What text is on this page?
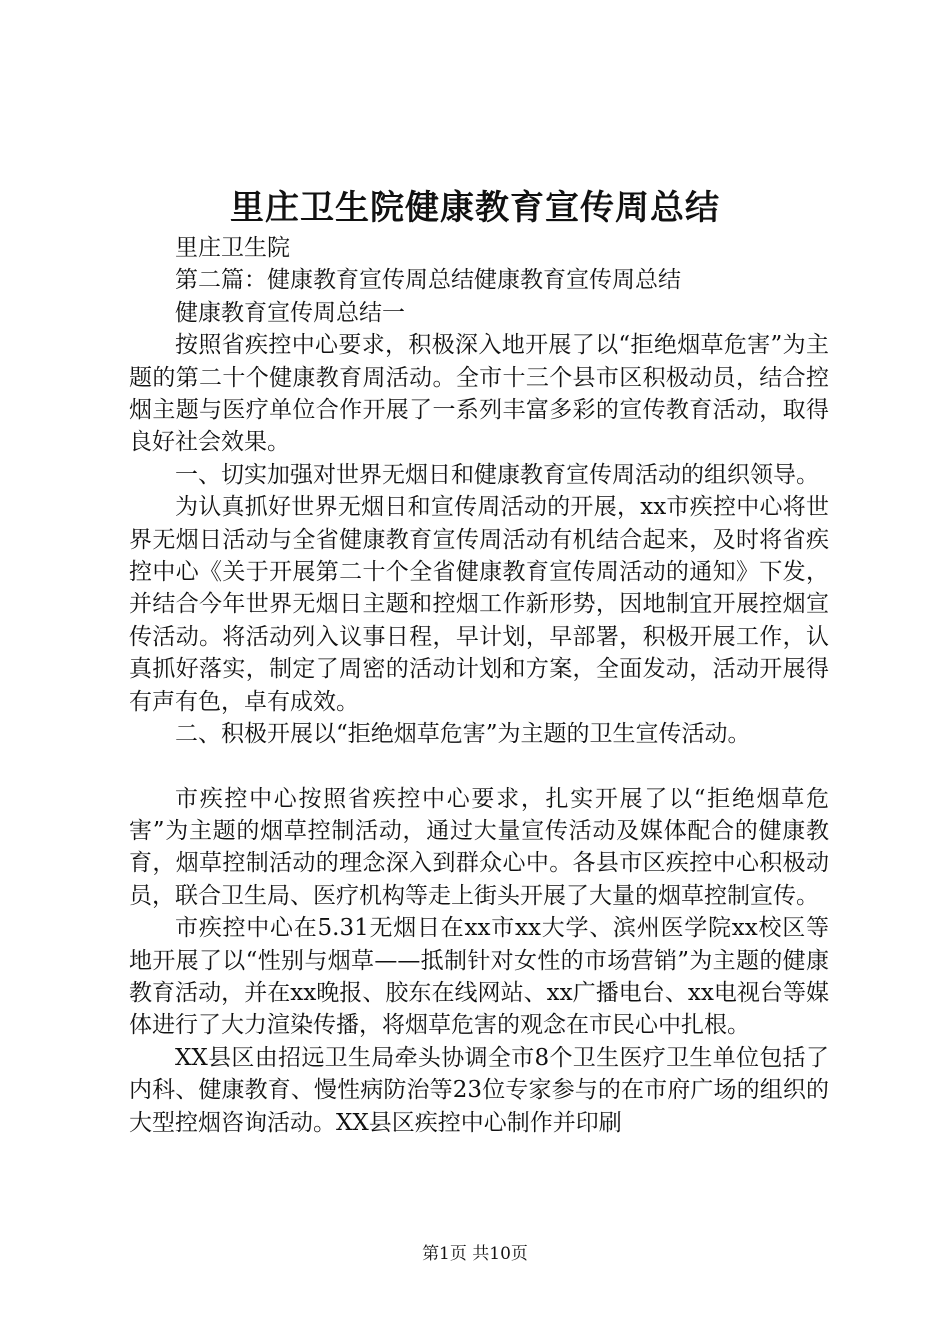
里庄卫生院健康教育宣传周总结

里庄卫生院

第二篇：健康教育宣传周总结健康教育宣传周总结

健康教育宣传周总结一

按照省疾控中心要求，积极深入地开展了以“拒绝烟草危害”为主题的第二十个健康教育周活动。全市十三个县市区积极动员，结合控烟主题与医疗单位合作开展了一系列丰富多彩的宣传教育活动，取得良好社会效果。

一、切实加强对世界无烟日和健康教育宣传周活动的组织领导。

为认真抓好世界无烟日和宣传周活动的开展，xx市疾控中心将世界无烟日活动与全省健康教育宣传周活动有机结合起来，及时将省疾控中心《关于开展第二十个全省健康教育宣传周活动的通知》下发，并结合今年世界无烟日主题和控烟工作新形势，因地制宜开展控烟宣传活动。将活动列入议事日程，早计划，早部署，积极开展工作，认真抓好落实，制定了周密的活动计划和方案，全面发动，活动开展得有声有色，卓有成效。

二、积极开展以“拒绝烟草危害”为主题的卫生宣传活动。

市疾控中心按照省疾控中心要求，扎实开展了以“拒绝烟草危害”为主题的烟草控制活动，通过大量宣传活动及媒体配合的健康教育，烟草控制活动的理念深入到群众心中。各县市区疾控中心积极动员，联合卫生局、医疗机构等走上街头开展了大量的烟草控制宣传。

市疾控中心在5.31无烟日在xx市xx大学、滨州医学院xx校区等地开展了以“性别与烟草——抵制针对女性的市场营销”为主题的健康教育活动，并在xx晚报、胶东在线网站、xx广播电台、xx电视台等媒体进行了大力渲染传播，将烟草危害的观念在市民心中扎根。

XX县区由招远卫生局牵头协调全市8个卫生医疗卫生单位包括了内科、健康教育、慢性病防治等23位专家参与的在市府广场的组织的大型控烟咨询活动。XX县区疾控中心制作并印刷

第1页 共10页
